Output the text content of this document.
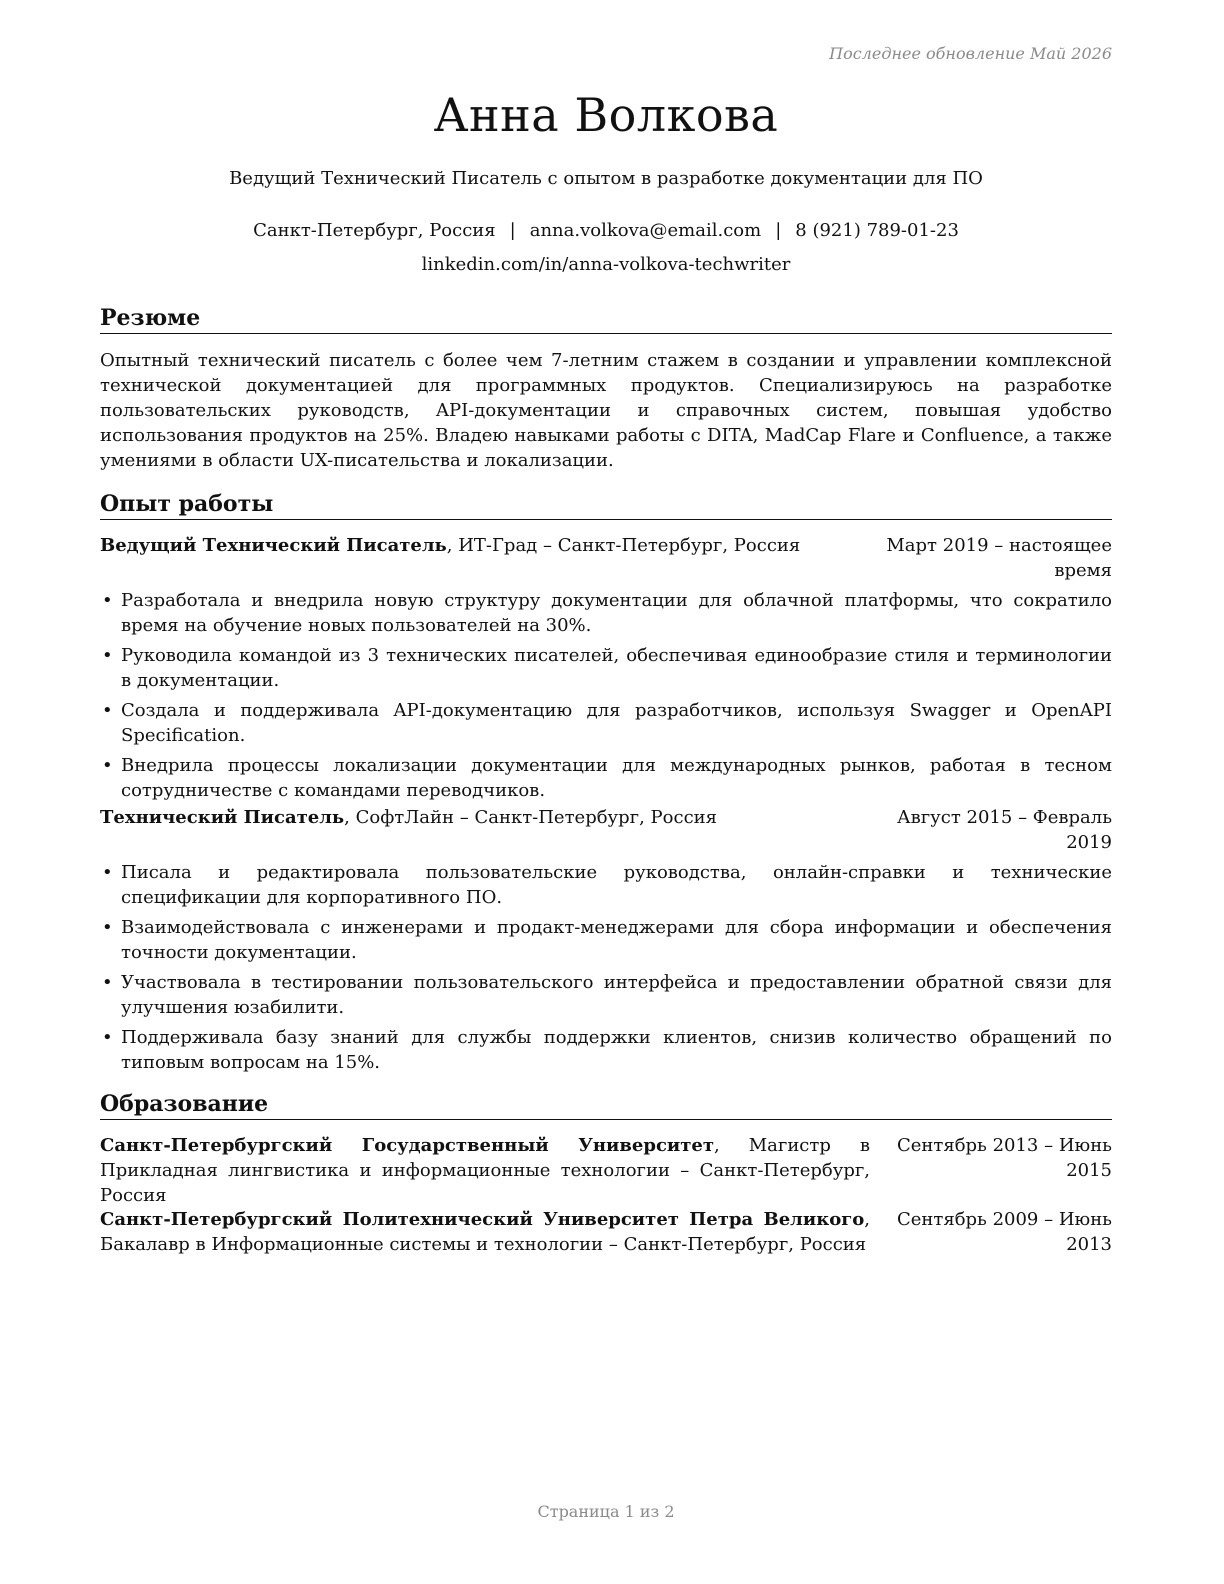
Последнее обновление Май 2026
Анна Волкова
Ведущий Технический Писатель с опытом в разработке документации для ПО
Санкт-Петербург, Россия | anna.volkova@email.com | 8 (921) 789-01-23
linkedin.com/in/anna-volkova-techwriter
Резюме
Опытный технический писатель с более чем 7-летним стажем в создании и управлении комплексной технической документацией для программных продуктов. Специализируюсь на разработке пользовательских руководств, API-документации и справочных систем, повышая удобство использования продуктов на 25%. Владею навыками работы с DITA, MadCap Flare и Confluence, а также умениями в области UX-писательства и локализации.
Опыт работы
Ведущий Технический Писатель, ИТ-Град – Санкт-Петербург, Россия	Март 2019 – настоящее время
• Разработала и внедрила новую структуру документации для облачной платформы, что сократило время на обучение новых пользователей на 30%.
• Руководила командой из 3 технических писателей, обеспечивая единообразие стиля и терминологии в документации.
• Создала и поддерживала API-документацию для разработчиков, используя Swagger и OpenAPI Specification.
• Внедрила процессы локализации документации для международных рынков, работая в тесном сотрудничестве с командами переводчиков.
Технический Писатель, СофтЛайн – Санкт-Петербург, Россия	Август 2015 – Февраль 2019
• Писала и редактировала пользовательские руководства, онлайн-справки и технические спецификации для корпоративного ПО.
• Взаимодействовала с инженерами и продакт-менеджерами для сбора информации и обеспечения точности документации.
• Участвовала в тестировании пользовательского интерфейса и предоставлении обратной связи для улучшения юзабилити.
• Поддерживала базу знаний для службы поддержки клиентов, снизив количество обращений по типовым вопросам на 15%.
Образование
Санкт-Петербургский Государственный Университет, Магистр в Прикладная лингвистика и информационные технологии – Санкт-Петербург, Россия
Сентябрь 2013 – Июнь 2015
Санкт-Петербургский Политехнический Университет Петра Великого, Бакалавр в Информационные системы и технологии – Санкт-Петербург, Россия
Сентябрь 2009 – Июнь 2013
Страница 1 из 2
